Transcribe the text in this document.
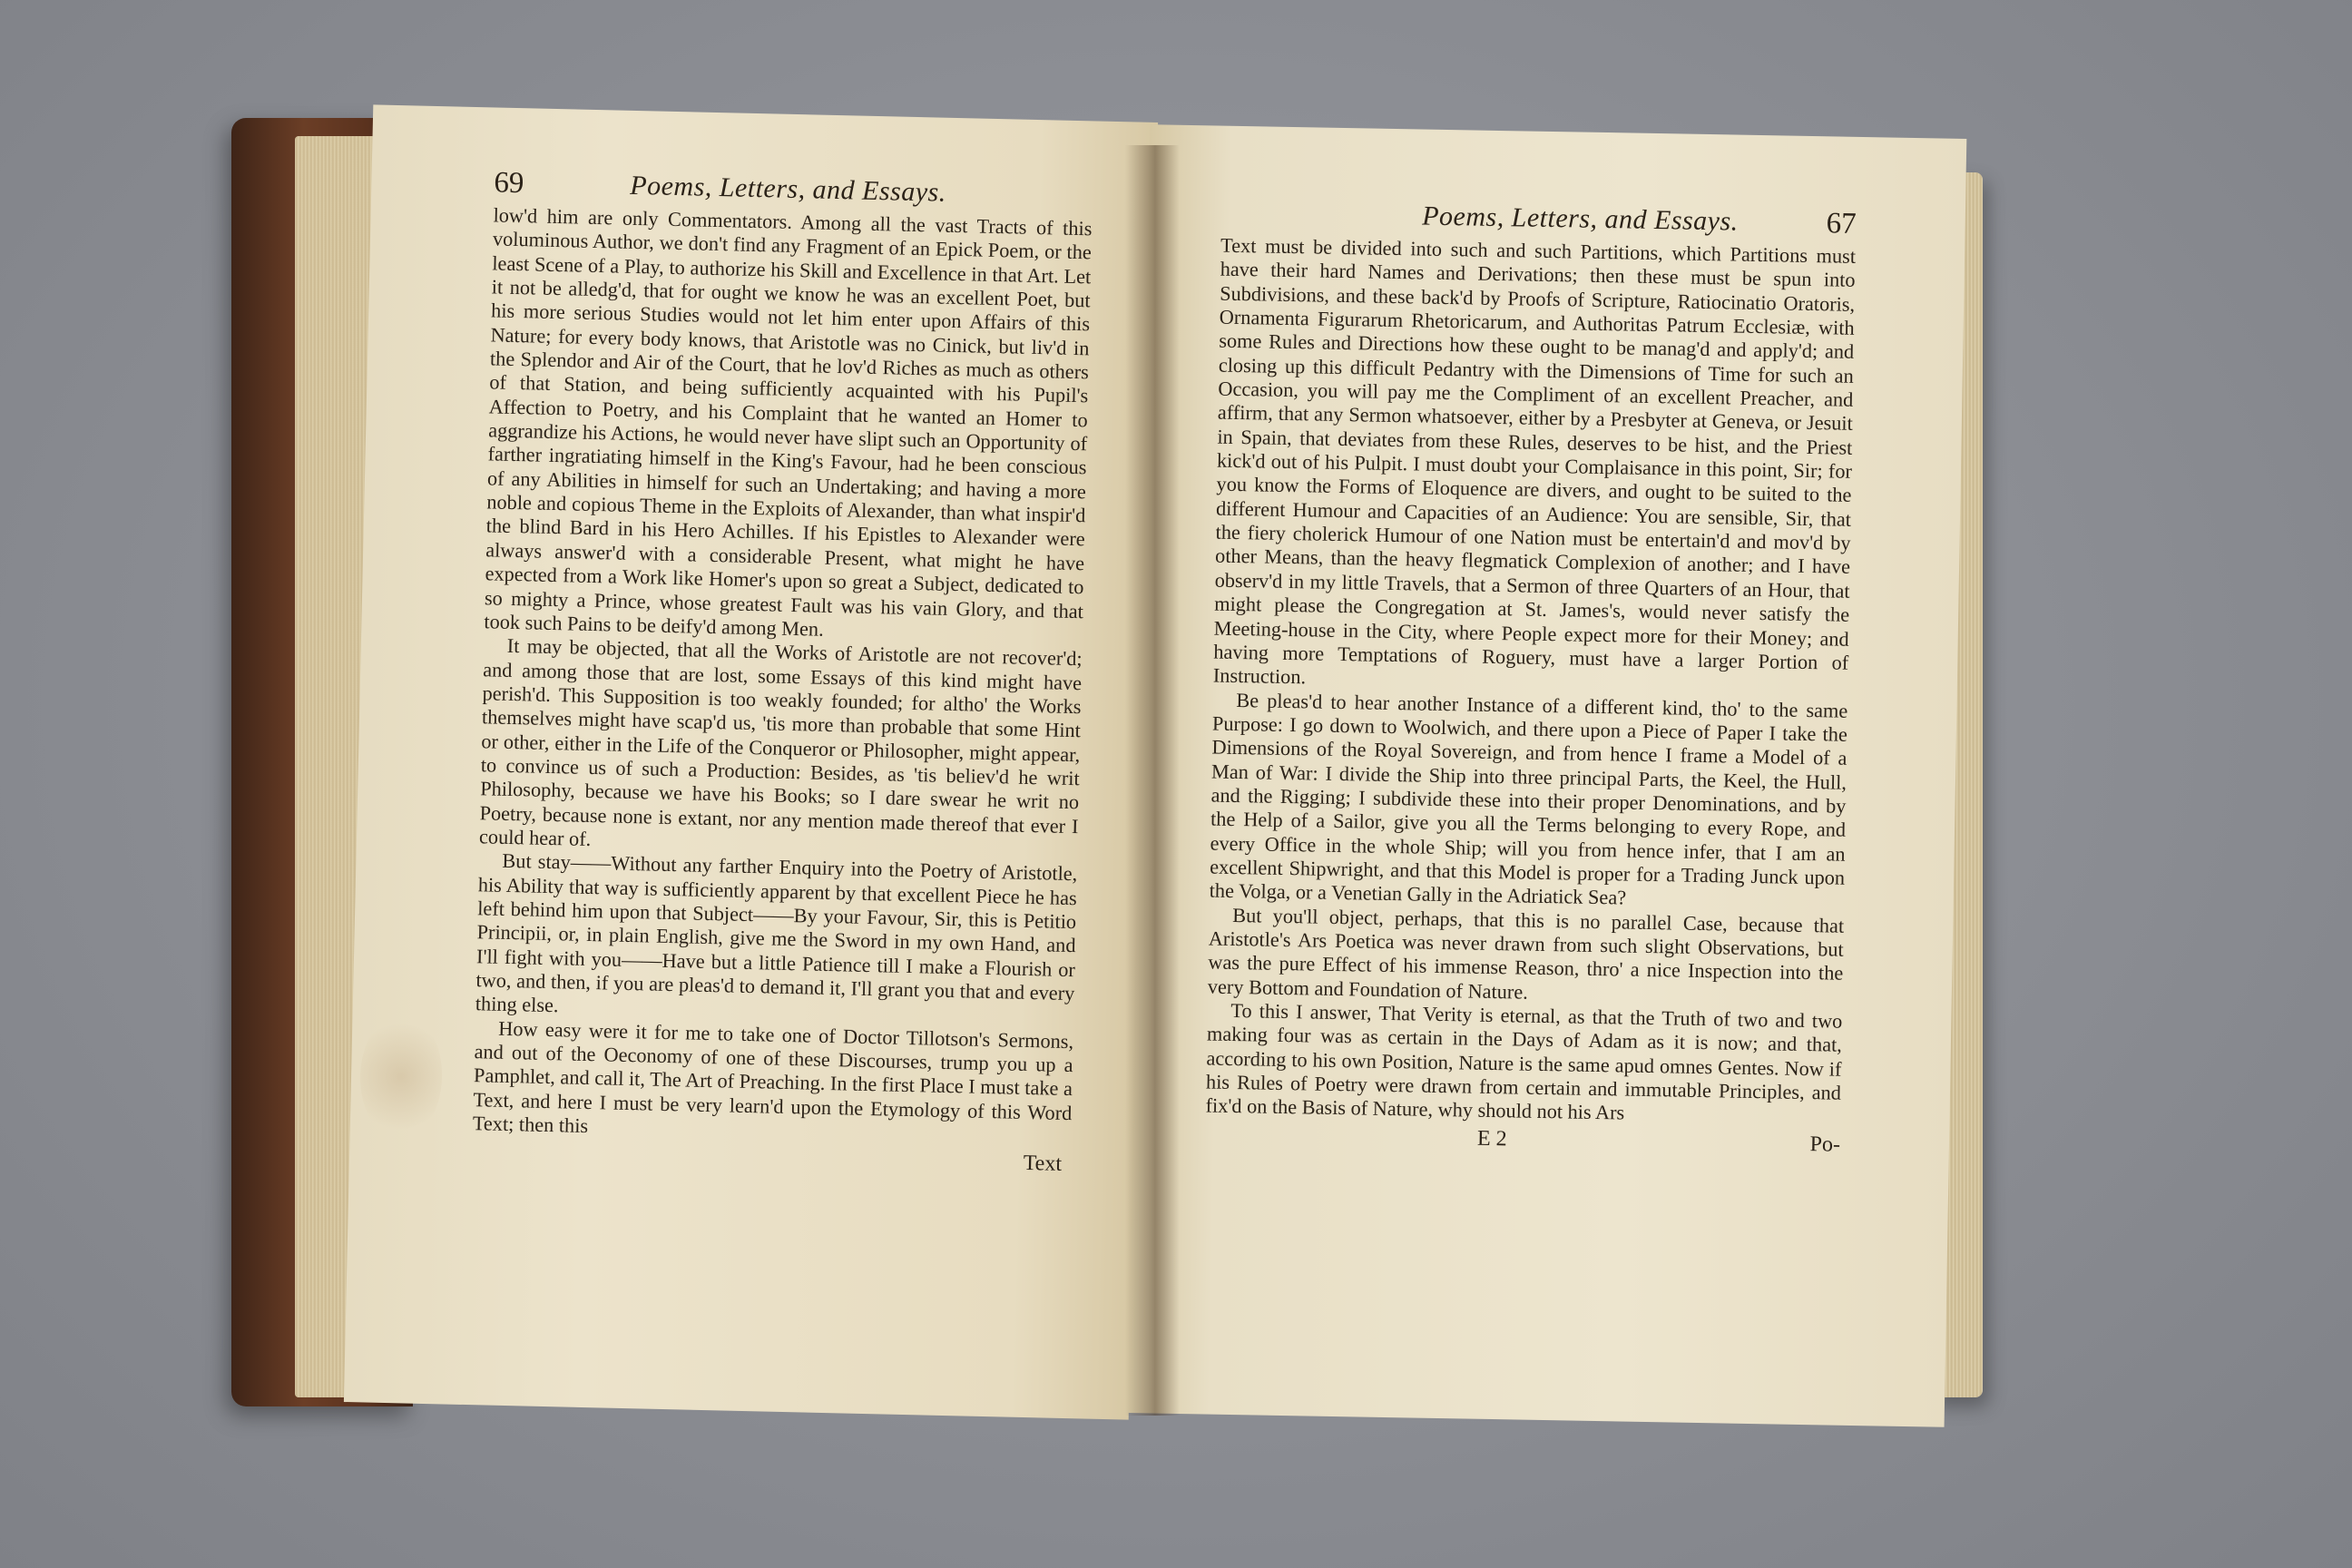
69	Poems, Letters, and Essays.

low'd him are only Commentators. Among all the vast Tracts of this voluminous Author, we don't find any Fragment of an Epick Poem, or the least Scene of a Play, to authorize his Skill and Excellence in that Art. Let it not be alledg'd, that for ought we know he was an excellent Poet, but his more serious Studies would not let him enter upon Affairs of this Nature; for every body knows, that Aristotle was no Cinick, but liv'd in the Splendor and Air of the Court, that he lov'd Riches as much as others of that Station, and being sufficiently acquainted with his Pupil's Affection to Poetry, and his Complaint that he wanted an Homer to aggrandize his Actions, he would never have slipt such an Opportunity of farther ingratiating himself in the King's Favour, had he been conscious of any Abilities in himself for such an Undertaking; and having a more noble and copious Theme in the Exploits of Alexander, than what inspir'd the blind Bard in his Hero Achilles. If his Epistles to Alexander were always answer'd with a considerable Present, what might he have expected from a Work like Homer's upon so great a Subject, dedicated to so mighty a Prince, whose greatest Fault was his vain Glory, and that took such Pains to be deify'd among Men.

It may be objected, that all the Works of Aristotle are not recover'd; and among those that are lost, some Essays of this kind might have perish'd. This Supposition is too weakly founded; for altho' the Works themselves might have scap'd us, 'tis more than probable that some Hint or other, either in the Life of the Conqueror or Philosopher, might appear, to convince us of such a Production: Besides, as 'tis believ'd he writ Philosophy, because we have his Books; so I dare swear he writ no Poetry, because none is extant, nor any mention made thereof that ever I could hear of.

But stay——Without any farther Enquiry into the Poetry of Aristotle, his Ability that way is sufficiently apparent by that excellent Piece he has left behind him upon that Subject——By your Favour, Sir, this is Petitio Principii, or, in plain English, give me the Sword in my own Hand, and I'll fight with you——Have but a little Patience till I make a Flourish or two, and then, if you are pleas'd to demand it, I'll grant you that and every thing else.

How easy were it for me to take one of Doctor Tillotson's Sermons, and out of the Oeconomy of one of these Discourses, trump you up a Pamphlet, and call it, The Art of Preaching. In the first Place I must take a Text, and here I must be very learn'd upon the Etymology of this Word Text; then this

Text
Poems, Letters, and Essays.	67

Text must be divided into such and such Partitions, which Partitions must have their hard Names and Derivations; then these must be spun into Subdivisions, and these back'd by Proofs of Scripture, Ratiocinatio Oratoris, Ornamenta Figurarum Rhetoricarum, and Authoritas Patrum Ecclesiæ, with some Rules and Directions how these ought to be manag'd and apply'd; and closing up this difficult Pedantry with the Dimensions of Time for such an Occasion, you will pay me the Compliment of an excellent Preacher, and affirm, that any Sermon whatsoever, either by a Presbyter at Geneva, or Jesuit in Spain, that deviates from these Rules, deserves to be hist, and the Priest kick'd out of his Pulpit. I must doubt your Complaisance in this point, Sir; for you know the Forms of Eloquence are divers, and ought to be suited to the different Humour and Capacities of an Audience: You are sensible, Sir, that the fiery cholerick Humour of one Nation must be entertain'd and mov'd by other Means, than the heavy flegmatick Complexion of another; and I have observ'd in my little Travels, that a Sermon of three Quarters of an Hour, that might please the Congregation at St. James's, would never satisfy the Meeting-house in the City, where People expect more for their Money; and having more Temptations of Roguery, must have a larger Portion of Instruction.

Be pleas'd to hear another Instance of a different kind, tho' to the same Purpose: I go down to Woolwich, and there upon a Piece of Paper I take the Dimensions of the Royal Sovereign, and from hence I frame a Model of a Man of War: I divide the Ship into three principal Parts, the Keel, the Hull, and the Rigging; I subdivide these into their proper Denominations, and by the Help of a Sailor, give you all the Terms belonging to every Rope, and every Office in the whole Ship; will you from hence infer, that I am an excellent Shipwright, and that this Model is proper for a Trading Junck upon the Volga, or a Venetian Gally in the Adriatick Sea?

But you'll object, perhaps, that this is no parallel Case, because that Aristotle's Ars Poetica was never drawn from such slight Observations, but was the pure Effect of his immense Reason, thro' a nice Inspection into the very Bottom and Foundation of Nature.

To this I answer, That Verity is eternal, as that the Truth of two and two making four was as certain in the Days of Adam as it is now; and that, according to his own Position, Nature is the same apud omnes Gentes. Now if his Rules of Poetry were drawn from certain and immutable Principles, and fix'd on the Basis of Nature, why should not his Ars

E 2	Po-
